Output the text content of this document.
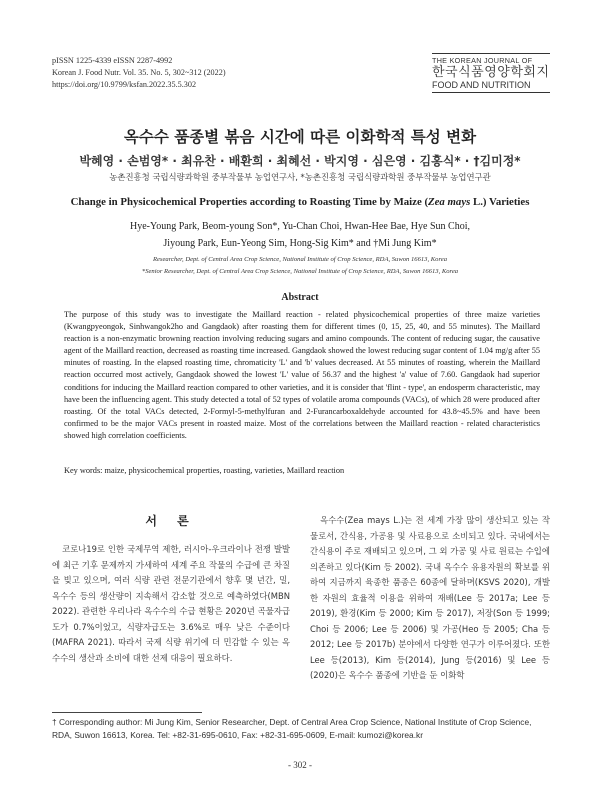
pISSN 1225-4339 eISSN 2287-4992
Korean J. Food Nutr. Vol. 35. No. 5, 302~312 (2022)
https://doi.org/10.9799/ksfan.2022.35.5.302
THE KOREAN JOURNAL OF
한국식품영양학회지
FOOD AND NUTRITION
옥수수 품종별 볶음 시간에 따른 이화학적 특성 변화
박혜영 · 손범영* · 최유찬 · 배환희 · 최혜선 · 박지영 · 심은영 · 김홍식* · †김미정*
농촌진흥청 국립식량과학원 중부작물부 농업연구사, *농촌진흥청 국립식량과학원 중부작물부 농업연구관
Change in Physicochemical Properties according to Roasting Time by Maize (Zea mays L.) Varieties
Hye-Young Park, Beom-young Son*, Yu-Chan Choi, Hwan-Hee Bae, Hye Sun Choi,
Jiyoung Park, Eun-Yeong Sim, Hong-Sig Kim* and †Mi Jung Kim*
Researcher, Dept. of Central Area Crop Science, National Institute of Crop Science, RDA, Suwon 16613, Korea
*Senior Researcher, Dept. of Central Area Crop Science, National Institute of Crop Science, RDA, Suwon 16613, Korea
Abstract
The purpose of this study was to investigate the Maillard reaction - related physicochemical properties of three maize varieties (Kwangpyeongok, Sinhwangok2ho and Gangdaok) after roasting them for different times (0, 15, 25, 40, and 55 minutes). The Maillard reaction is a non-enzymatic browning reaction involving reducing sugars and amino compounds. The content of reducing sugar, the causative agent of the Maillard reaction, decreased as roasting time increased. Gangdaok showed the lowest reducing sugar content of 1.04 mg/g after 55 minutes of roasting. In the elapsed roasting time, chromaticity 'L' and 'b' values decreased. At 55 minutes of roasting, wherein the Maillard reaction occurred most actively, Gangdaok showed the lowest 'L' value of 56.37 and the highest 'a' value of 7.60. Gangdaok had superior conditions for inducing the Maillard reaction compared to other varieties, and it is consider that 'flint - type', an endosperm characteristic, may have been the influencing agent. This study detected a total of 52 types of volatile aroma compounds (VACs), of which 28 were produced after roasting. Of the total VACs detected, 2-Formyl-5-methylfuran and 2-Furancarboxaldehyde accounted for 43.8~45.5% and have been confirmed to be the major VACs present in roasted maize. Most of the correlations between the Maillard reaction - related characteristics showed high correlation coefficients.
Key words: maize, physicochemical properties, roasting, varieties, Maillard reaction
서 론
코로나19로 인한 국제무역 제한, 러시아-우크라이나 전쟁 발발에 최근 기후 문제까지 가세하여 세계 주요 작물의 수급에 큰 차질을 빚고 있으며, 여러 식량 관련 전문기관에서 향후 몇 년간, 밀, 옥수수 등의 생산량이 지속해서 감소할 것으로 예측하였다(MBN 2022). 관련한 우리나라 옥수수의 수급 현황은 2020년 곡물자급도가 0.7%이었고, 식량자급도는 3.6%로 매우 낮은 수준이다(MAFRA 2021). 따라서 국제 식량 위기에 더 민감할 수 있는 옥수수의 생산과 소비에 대한 선제 대응이 필요하다.
옥수수(Zea mays L.)는 전 세계 가장 많이 생산되고 있는 작물로서, 간식용, 가공용 및 사료용으로 소비되고 있다. 국내에서는 간식용이 주로 재배되고 있으며, 그 외 가공 및 사료 원료는 수입에 의존하고 있다(Kim 등 2002). 국내 옥수수 유용자원의 확보를 위하여 지금까지 육종한 품종은 60종에 달하며(KSVS 2020), 개발한 자원의 효율적 이용을 위하여 재배(Lee 등 2017a; Lee 등 2019), 환경(Kim 등 2000; Kim 등 2017), 저장(Son 등 1999; Choi 등 2006; Lee 등 2006) 및 가공(Heo 등 2005; Cha 등 2012; Lee 등 2017b) 분야에서 다양한 연구가 이루어졌다. 또한 Lee 등(2013), Kim 등(2014), Jung 등(2016) 및 Lee 등(2020)은 옥수수 품종에 기반을 둔 이화학
† Corresponding author: Mi Jung Kim, Senior Researcher, Dept. of Central Area Crop Science, National Institute of Crop Science, RDA, Suwon 16613, Korea. Tel: +82-31-695-0610, Fax: +82-31-695-0609, E-mail: kumozi@korea.kr
- 302 -
